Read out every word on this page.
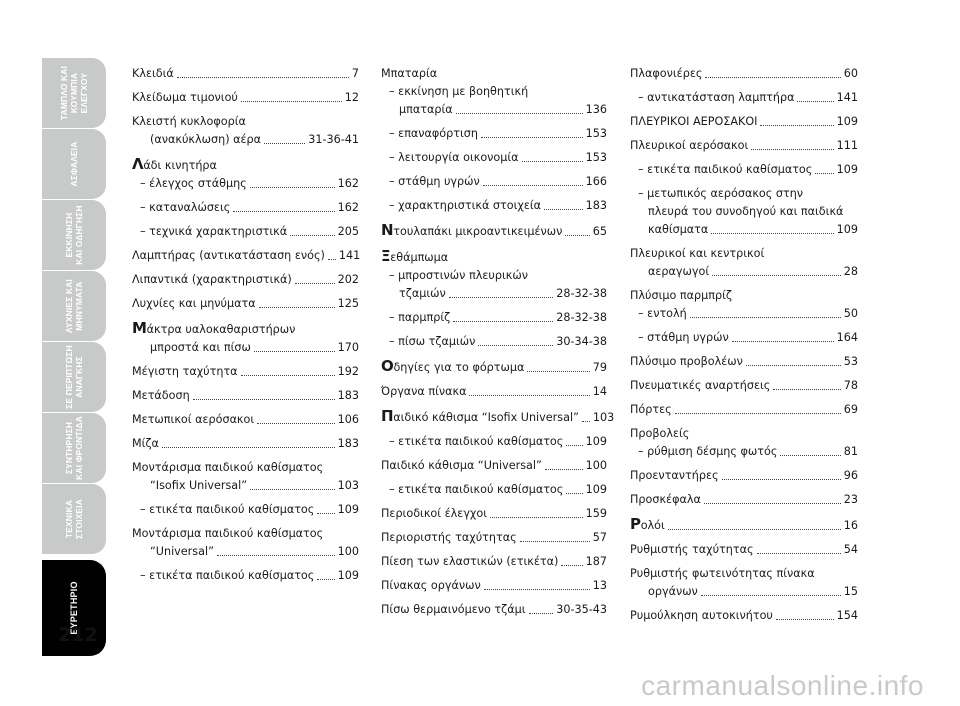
ΤΑΜΠΛΟ ΚΑΙ
ΚΟΥΜΠΙΑ
ΕΛΕΓΧΟΥ
ΑΣΦΑΛΕΙΑ
ΕΚΚΙΝΗΣΗ
ΚΑΙ ΟΔΗΓΗΣΗ
ΛΥΧΝΙΕΣ ΚΑΙ
ΜΗΝΥΜΑΤΑ
ΣΕ ΠΕΡΙΠΤΩΣΗ
ΑΝΑΓΚΗΣ
ΣΥΝΤΗΡΗΣΗ
ΚΑΙ ΦΡΟΝΤΙΔΑ
ΤΕΧΝΙΚΑ
ΣΤΟΙΧΕΙΑ
ΕΥΡΕΤΗΡΙΟ
212
Κλειδιά	7
Κλείδωμα τιμονιού	12
Κλειστή κυκλοφορία
(ανακύκλωση) αέρα	31-36-41
Λάδι κινητήρα
– έλεγχος στάθμης	162
– καταναλώσεις	162
– τεχνικά χαρακτηριστικά	205
Λαμπτήρας (αντικατάσταση ενός) 141
Λιπαντικά (χαρακτηριστικά)	202
Λυχνίες και μηνύματα	125
Μάκτρα υαλοκαθαριστήρων
μπροστά και πίσω	170
Μέγιστη ταχύτητα	192
Μετάδοση	183
Μετωπικοί αερόσακοι	106
Μίζα	183
Μοντάρισμα παιδικού καθίσματος
“Isofix Universal”	103
– ετικέτα παιδικού καθίσματος 109
Μοντάρισμα παιδικού καθίσματος
“Universal”	100
– ετικέτα παιδικού καθίσματος 109
Μπαταρία
– εκκίνηση με βοηθητική
μπαταρία	136
– επαναφόρτιση	153
– λειτουργία οικονομία	153
– στάθμη υγρών	166
– χαρακτηριστικά στοιχεία	183
Ντουλαπάκι μικροαντικειμένων	65
Ξεθάμπωμα
– μπροστινών πλευρικών
τζαμιών	28-32-38
– παρμπρίζ	28-32-38
– πίσω τζαμιών	30-34-38
Οδηγίες για το φόρτωμα	79
Όργανα πίνακα	14
Παιδικό κάθισμα “Isofix Universal” 103
– ετικέτα παιδικού καθίσματος 109
Παιδικό κάθισμα “Universal”	100
– ετικέτα παιδικού καθίσματος 109
Περιοδικοί έλεγχοι	159
Περιοριστής ταχύτητας	57
Πίεση των ελαστικών (ετικέτα) 187
Πίνακας οργάνων	13
Πίσω θερμαινόμενο τζάμι	30-35-43
Πλαφονιέρες	60
– αντικατάσταση λαμπτήρα	141
ΠΛΕΥΡΙΚΟΙ ΑΕΡΟΣΑΚΟΙ	109
Πλευρικοί αερόσακοι	111
– ετικέτα παιδικού καθίσματος 109
– μετωπικός αερόσακος στην
πλευρά του συνοδηγού και παιδικά
καθίσματα	109
Πλευρικοί και κεντρικοί
αεραγωγοί	28
Πλύσιμο παρμπρίζ
– εντολή	50
– στάθμη υγρών	164
Πλύσιμο προβολέων	53
Πνευματικές αναρτήσεις	78
Πόρτες	69
Προβολείς
– ρύθμιση δέσμης φωτός	81
Προενταντήρες	96
Προσκέφαλα	23
Ρολόι	16
Ρυθμιστής ταχύτητας	54
Ρυθμιστής φωτεινότητας πίνακα
οργάνων	15
Ρυμούλκηση αυτοκινήτου	154
carmanualsonline.info
